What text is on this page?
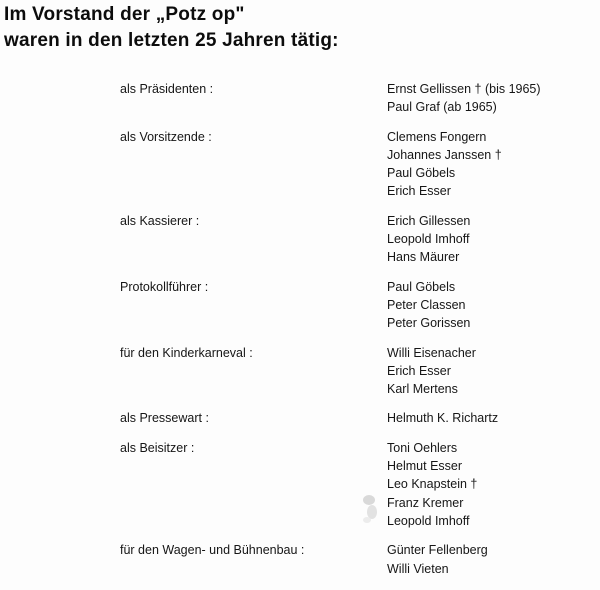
Im Vorstand der „Potz op"
waren in den letzten 25 Jahren tätig:
als Präsidenten :	Ernst Gellissen † (bis 1965)
Paul Graf (ab 1965)
als Vorsitzende :	Clemens Fongern
Johannes Janssen †
Paul Göbels
Erich Esser
als Kassierer :	Erich Gillessen
Leopold Imhoff
Hans Mäurer
Protokollführer :	Paul Göbels
Peter Classen
Peter Gorissen
für den Kinderkarneval :	Willi Eisenacher
Erich Esser
Karl Mertens
als Pressewart :	Helmuth K. Richartz
als Beisitzer :	Toni Oehlers
Helmut Esser
Leo Knapstein †
Franz Kremer
Leopold Imhoff
für den Wagen- und Bühnenbau :	Günter Fellenberg
Willi Vieten
